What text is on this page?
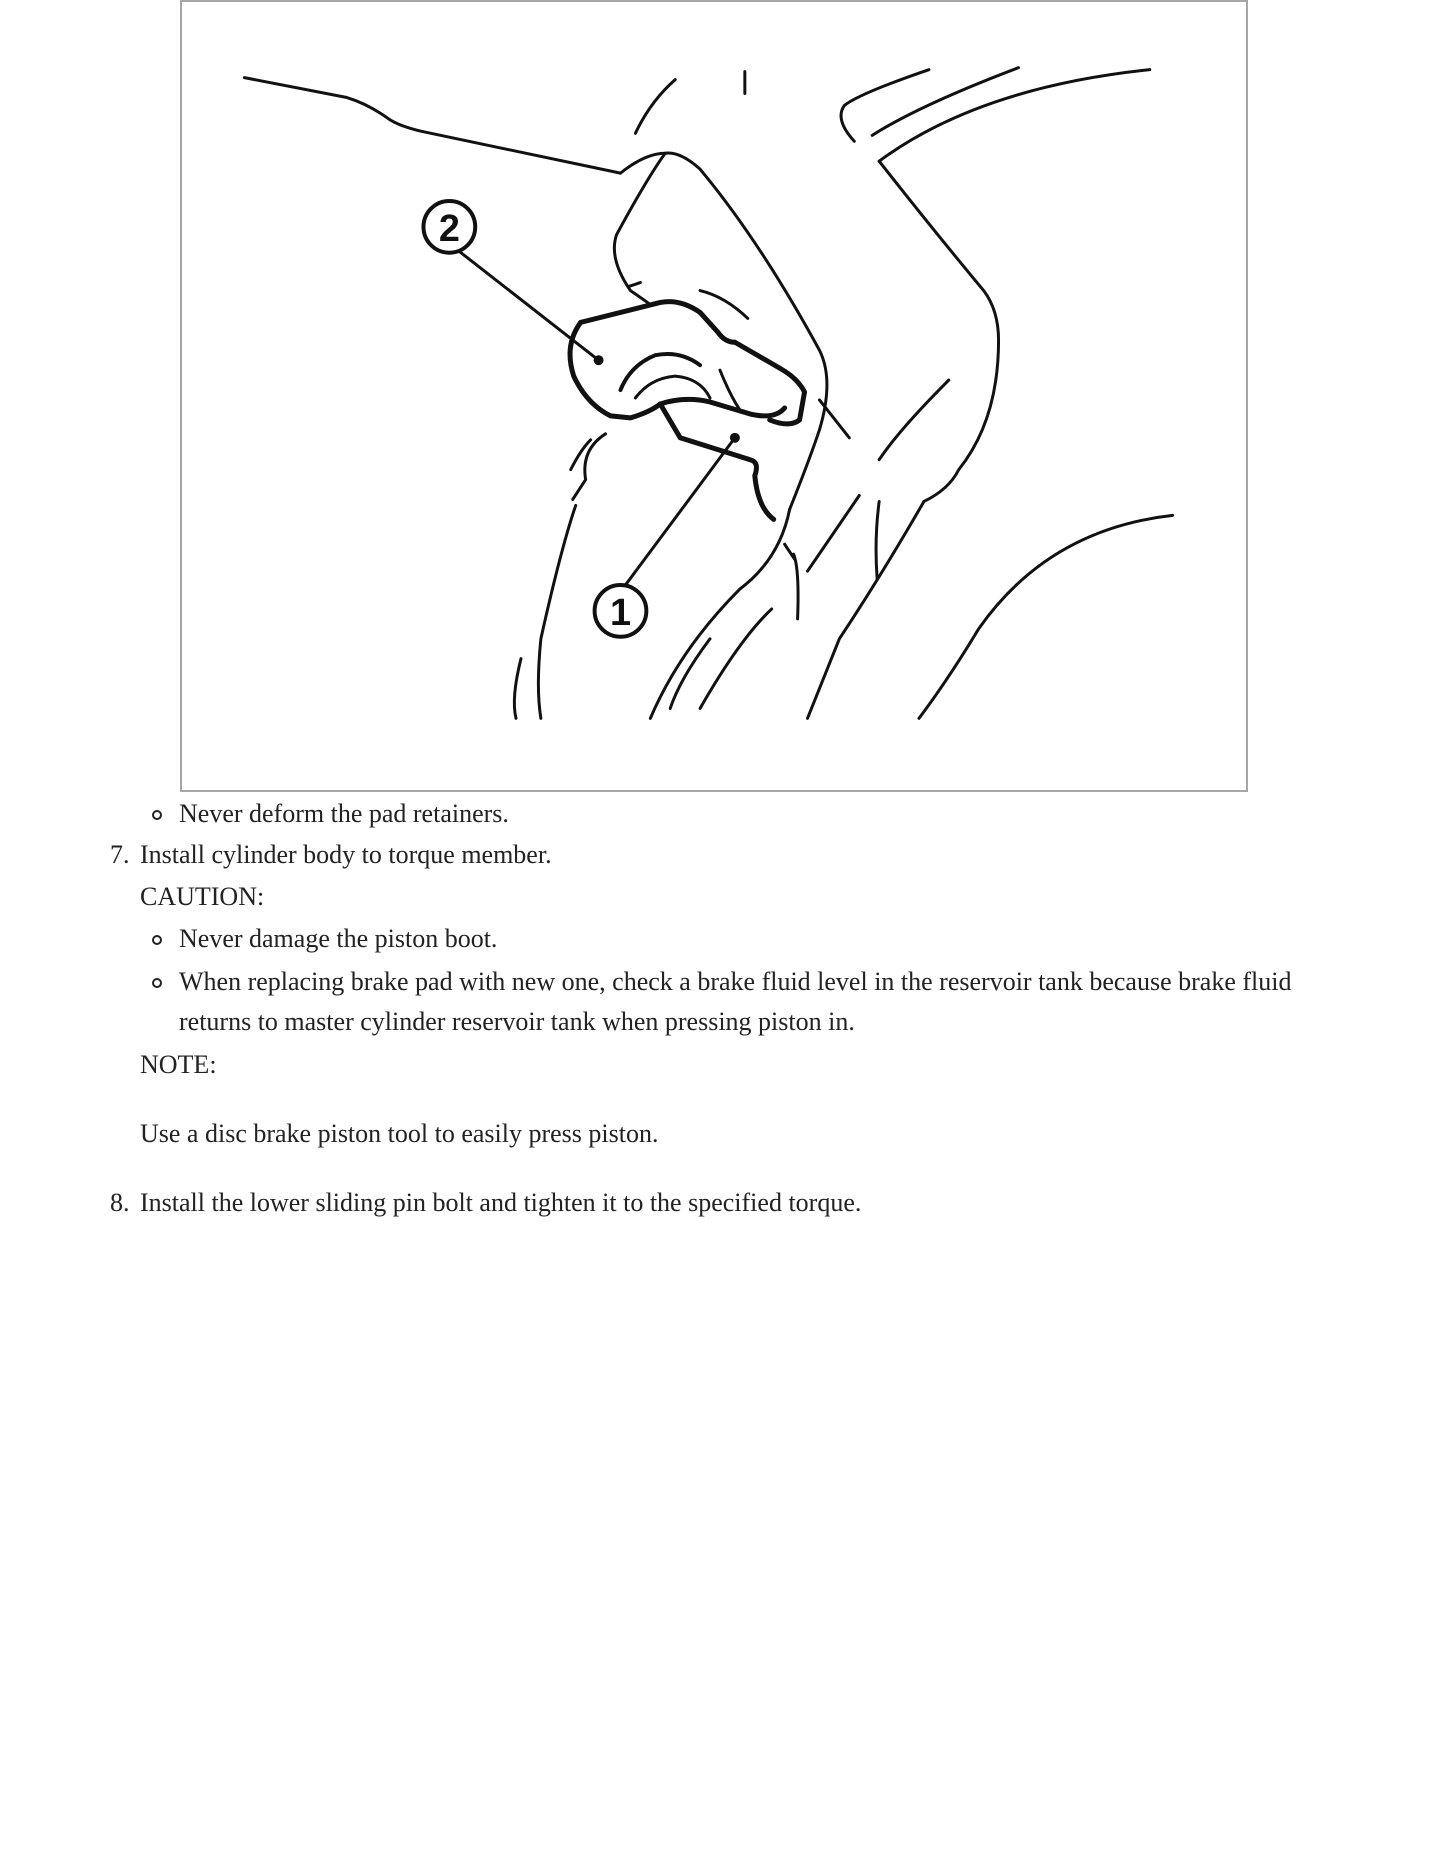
2
1
Never deform the pad retainers.
7. Install cylinder body to torque member.
CAUTION:
Never damage the piston boot.
When replacing brake pad with new one, check a brake fluid level in the reservoir tank because brake fluid
returns to master cylinder reservoir tank when pressing piston in.
NOTE:
Use a disc brake piston tool to easily press piston.
8. Install the lower sliding pin bolt and tighten it to the specified torque.
